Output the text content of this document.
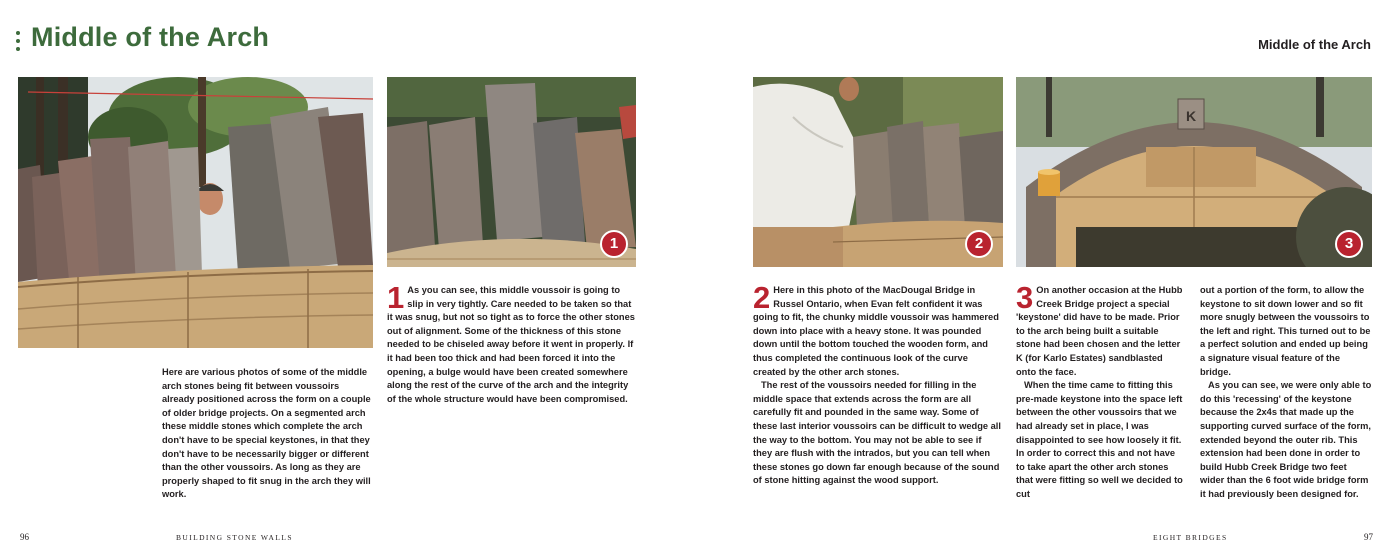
Middle of the Arch
1

Here are various photos of some of the middle arch stones being fit between voussoirs already positioned across the form on a couple of older bridge projects. On a segmented arch these middle stones which complete the arch don't have to be special keystones, in that they don't have to be necessarily bigger or different than the other voussoirs. As long as they are properly shaped to fit snug in the arch they will work.

1 As you can see, this middle voussoir is going to slip in very tightly. Care needed to be taken so that it was snug, but not so tight as to force the other stones out of alignment. Some of the thickness of this stone needed to be chiseled away before it went in properly. If it had been too thick and had been forced it into the opening, a bulge would have been created somewhere along the rest of the curve of the arch and the integrity of the whole structure would have been compromised.

96	BUILDING STONE WALLS
Middle of the Arch
2
K
3
2 Here in this photo of the MacDougal Bridge in Russel Ontario, when Evan felt confident it was going to fit, the chunky middle voussoir was hammered down into place with a heavy stone. It was pounded down until the bottom touched the wooden form, and thus completed the continuous look of the curve created by the other arch stones.

The rest of the voussoirs needed for filling in the middle space that extends across the form are all carefully fit and pounded in the same way. Some of these last interior voussoirs can be difficult to wedge all the way to the bottom. You may not be able to see if they are flush with the intrados, but you can tell when these stones go down far enough because of the sound of stone hitting against the wood support.

3 On another occasion at the Hubb Creek Bridge project a special 'keystone' did have to be made. Prior to the arch being built a suitable stone had been chosen and the letter K (for Karlo Estates) sandblasted onto the face.

When the time came to fitting this pre-made keystone into the space left between the other voussoirs that we had already set in place, I was disappointed to see how loosely it fit. In order to correct this and not have to take apart the other arch stones that were fitting so well we decided to cut

out a portion of the form, to allow the keystone to sit down lower and so fit more snugly between the voussoirs to the left and right. This turned out to be a perfect solution and ended up being a signature visual feature of the bridge.

As you can see, we were only able to do this 'recessing' of the keystone because the 2x4s that made up the supporting curved surface of the form, extended beyond the outer rib. This extension had been done in order to build Hubb Creek Bridge two feet wider than the 6 foot wide bridge form it had previously been designed for.

EIGHT BRIDGES	97
